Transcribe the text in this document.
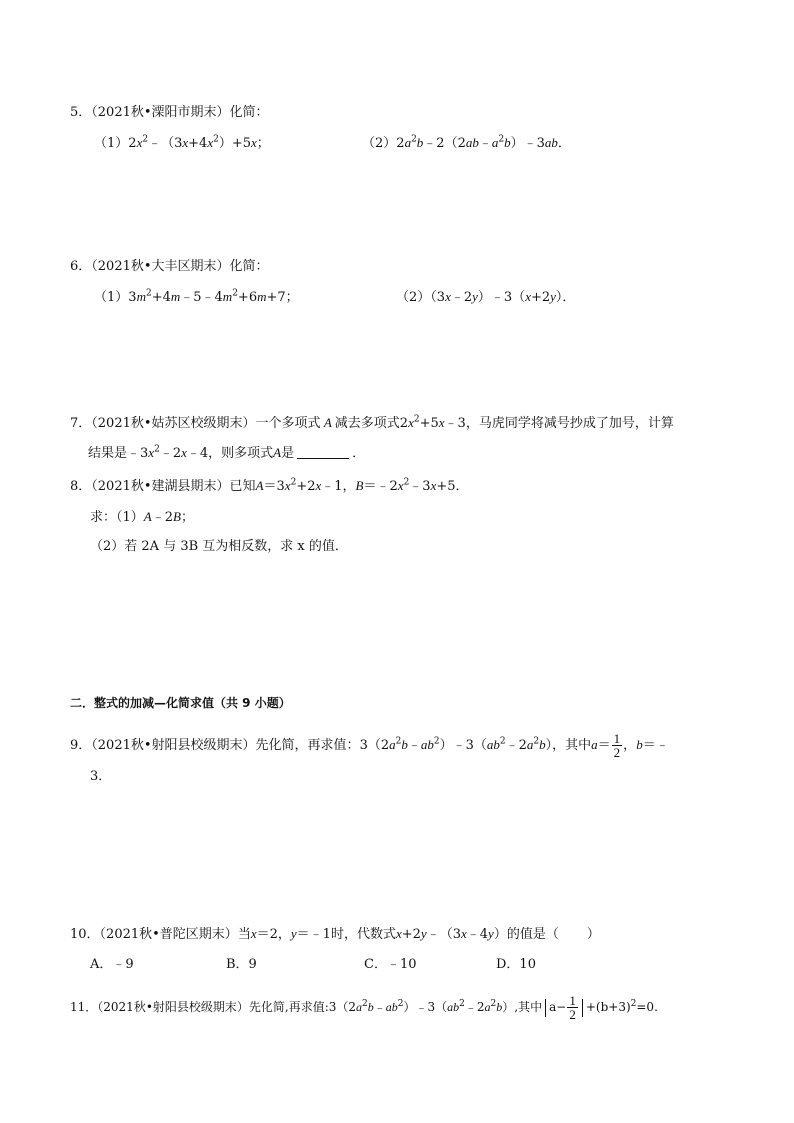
5．（2021秋•溧阳市期末）化简：
$(1)2x^2﹣(3x+4x^2)+5x$；	$(2)2a^2b﹣2(2ab﹣a^2b)﹣3ab$．
6．（2021秋•大丰区期末）化简：
$(1)3m^2+4m﹣5﹣4m^2+6m+7$；	（2）（3x﹣2y）﹣3（x+2y）．
7．（2021秋•姑苏区校级期末）一个多项式 A 减去多项式$2x^2+5x﹣3$，马虎同学将减号抄成了加号，计算
结果是$﹣3x^2﹣2x﹣4$，则多项式A是	．
8．（2021秋•建湖县期末）已知$A=3x^2+2x﹣1$，$B=﹣2x^2﹣3x+5$．
求：（1）A﹣2B；
（2）若 2A 与 3B 互为相反数，求 x 的值．
二．整式的加减—化简求值（共 9 小题）
9．（2021秋•射阳县校级期末）先化简，再求值：$3(2a^2b﹣ab^2)﹣3(ab^2﹣2a^2b)$，其中$a= \frac{1}{2}$ ，b＝﹣
3．
10．（2021秋•普陀区期末）当x＝2，y＝﹣1时，代数式x+2y﹣（3x﹣4y）的值是（ ）
A．﹣9	B．9	C．﹣10	D．10
11．（2021秋•射阳县校级期末）先化简,再求值$:3(2a^2b﹣ab^2)﹣3(ab^2﹣2a^2b)$,其中 $a- \frac{1}{2} +(b+3)^2=0$.
